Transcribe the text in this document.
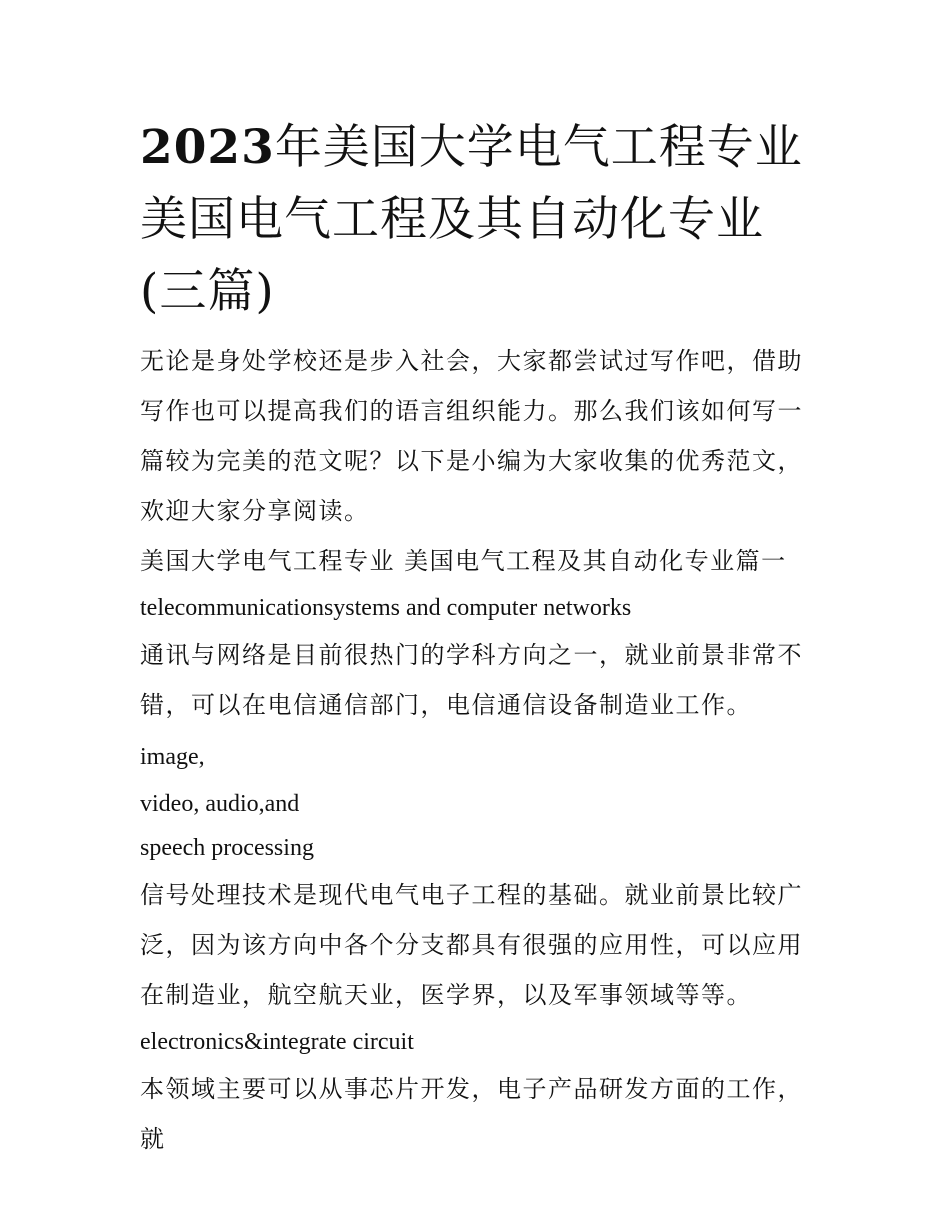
2023年美国大学电气工程专业美国电气工程及其自动化专业(三篇)

无论是身处学校还是步入社会，大家都尝试过写作吧，借助写作也可以提高我们的语言组织能力。那么我们该如何写一篇较为完美的范文呢？以下是小编为大家收集的优秀范文，欢迎大家分享阅读。

美国大学电气工程专业 美国电气工程及其自动化专业篇一

telecommunicationsystems and computer networks

通讯与网络是目前很热门的学科方向之一，就业前景非常不错，可以在电信通信部门，电信通信设备制造业工作。 image,

video, audio,and

speech processing

信号处理技术是现代电气电子工程的基础。就业前景比较广泛，因为该方向中各个分支都具有很强的应用性，可以应用在制造业，航空航天业，医学界，以及军事领域等等。

electronics&integrate circuit

本领域主要可以从事芯片开发，电子产品研发方面的工作，就
